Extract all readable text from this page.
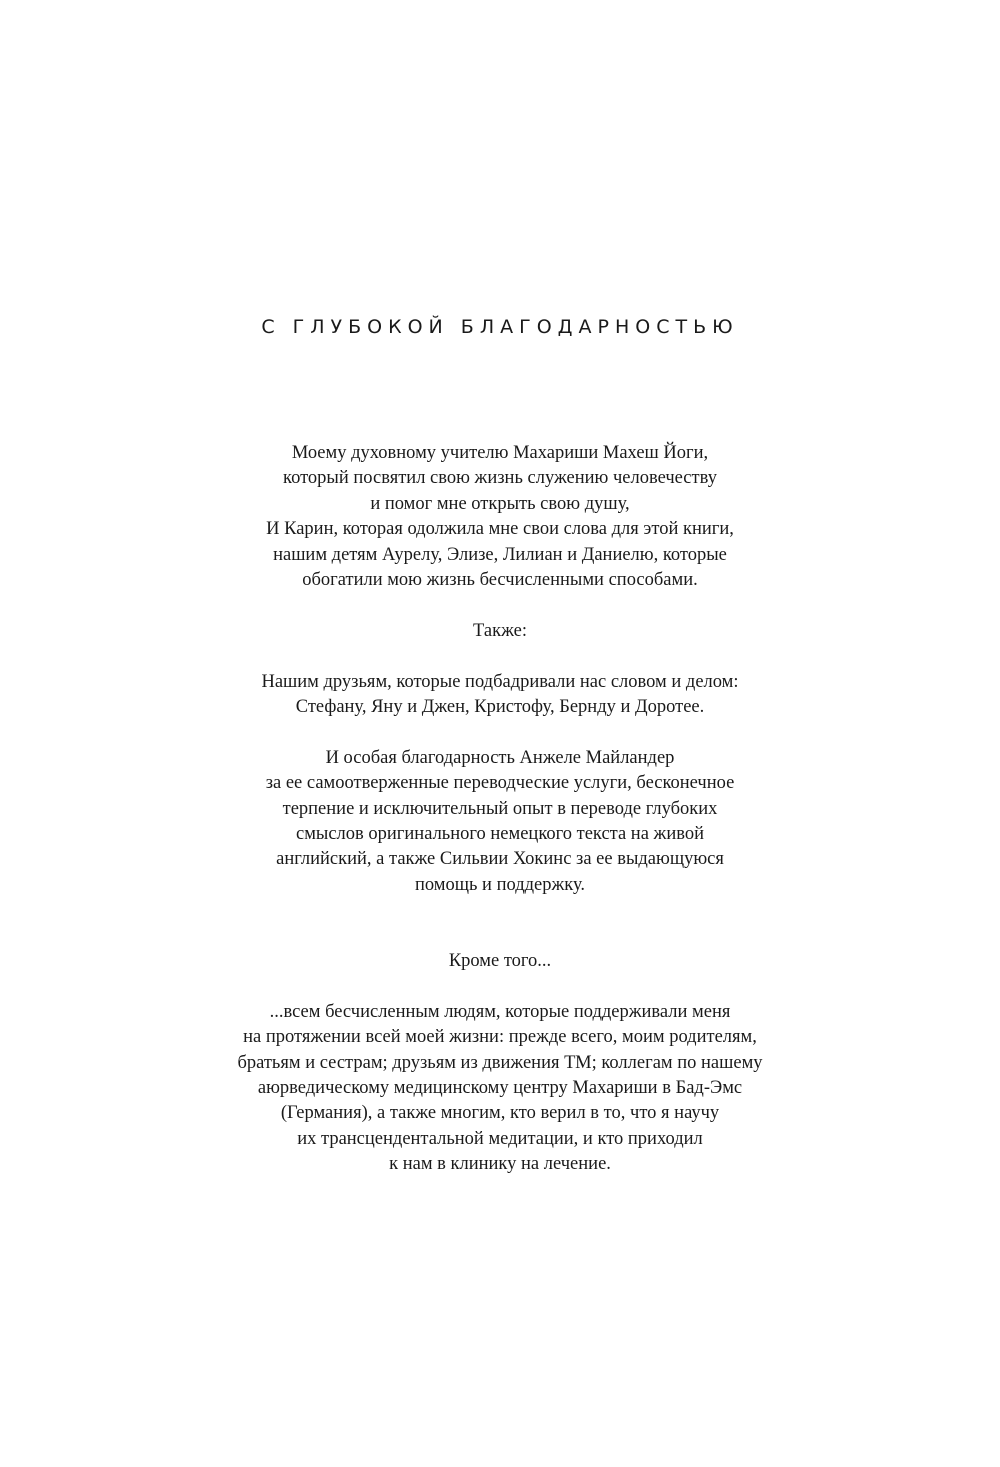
С ГЛУБОКОЙ БЛАГОДАРНОСТЬЮ

Моему духовному учителю Махариши Махеш Йоги,
который посвятил свою жизнь служению человечеству
и помог мне открыть свою душу,
И Карин, которая одолжила мне свои слова для этой книги,
нашим детям Аурелу, Элизе, Лилиан и Даниелю, которые
обогатили мою жизнь бесчисленными способами.

Также:

Нашим друзьям, которые подбадривали нас словом и делом:
Стефану, Яну и Джен, Кристофу, Бернду и Доротее.

И особая благодарность Анжеле Майландер
за ее самоотверженные переводческие услуги, бесконечное
терпение и исключительный опыт в переводе глубоких
смыслов оригинального немецкого текста на живой
английский, а также Сильвии Хокинс за ее выдающуюся
помощь и поддержку.

Кроме того...

...всем бесчисленным людям, которые поддерживали меня
на протяжении всей моей жизни: прежде всего, моим родителям,
братьям и сестрам; друзьям из движения ТМ; коллегам по нашему
аюрведическому медицинскому центру Махариши в Бад-Эмс
(Германия), а также многим, кто верил в то, что я научу
их трансцендентальной медитации, и кто приходил
к нам в клинику на лечение.
